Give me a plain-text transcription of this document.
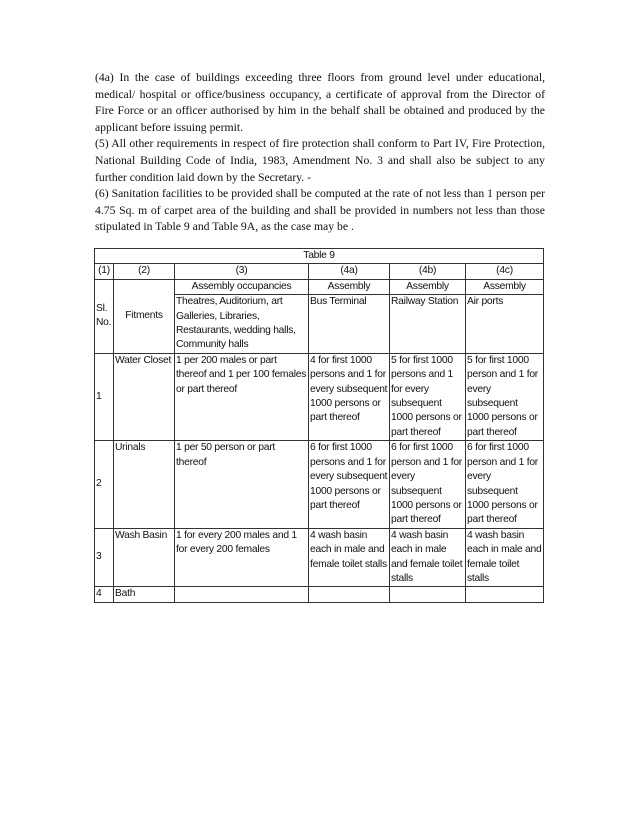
(4a) In the case of buildings exceeding three floors from ground level under educational, medical/ hospital or office/business occupancy, a certificate of approval from the Director of Fire Force or an officer authorised by him in the behalf shall be obtained and produced by the applicant before issuing permit.

(5) All other requirements in respect of fire protection shall conform to Part IV, Fire Protection, National Building Code of India, 1983, Amendment No. 3 and shall also be subject to any further condition laid down by the Secretary. -

(6) Sanitation facilities to be provided shall be computed at the rate of not less than 1 person per 4.75 Sq. m of carpet area of the building and shall be provided in numbers not less than those stipulated in Table 9 and Table 9A, as the case may be .

Table 9					
(1)	(2)	(3)	(4a)	(4b)	(4c)
Sl. No.	Fitments	Assembly occupancies	Assembly	Assembly	Assembly
		Theatres, Auditorium, art Galleries, Libraries, Restaurants, wedding halls, Community halls	Bus Terminal	Railway Station	Air ports
1	Water Closet	1 per 200 males or part thereof and 1 per 100 females or part thereof	4 for first 1000 persons and 1 for every subsequent 1000 persons or part thereof	5 for first 1000 persons and 1 for every subsequent 1000 persons or part thereof	5 for first 1000 person and 1 for every subsequent 1000 persons or part thereof
2	Urinals	1 per 50 person or part thereof	6 for first 1000 persons and 1 for every subsequent 1000 persons or part thereof	6 for first 1000 person and 1 for every subsequent 1000 persons or part thereof	6 for first 1000 person and 1 for every subsequent 1000 persons or part thereof
3	Wash Basin	1 for every 200 males and 1 for every 200 females	4 wash basin each in male and female toilet stalls	4 wash basin each in male and female toilet stalls	4 wash basin each in male and female toilet stalls
4	Bath				
